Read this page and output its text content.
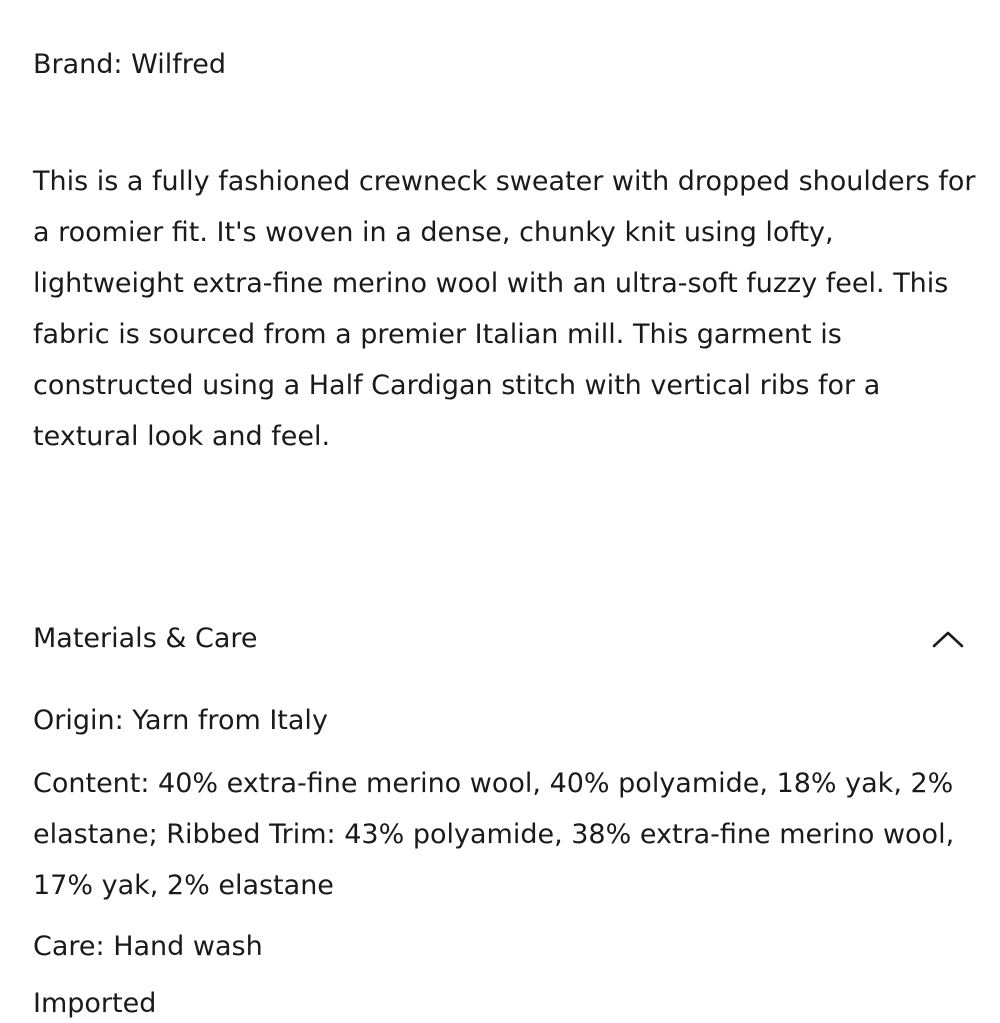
Brand: Wilfred

This is a fully fashioned crewneck sweater with dropped shoulders for a roomier fit. It's woven in a dense, chunky knit using lofty, lightweight extra-fine merino wool with an ultra-soft fuzzy feel. This fabric is sourced from a premier Italian mill. This garment is constructed using a Half Cardigan stitch with vertical ribs for a textural look and feel.

Materials & Care

Origin: Yarn from Italy

Content: 40% extra-fine merino wool, 40% polyamide, 18% yak, 2% elastane; Ribbed Trim: 43% polyamide, 38% extra-fine merino wool, 17% yak, 2% elastane

Care: Hand wash

Imported
